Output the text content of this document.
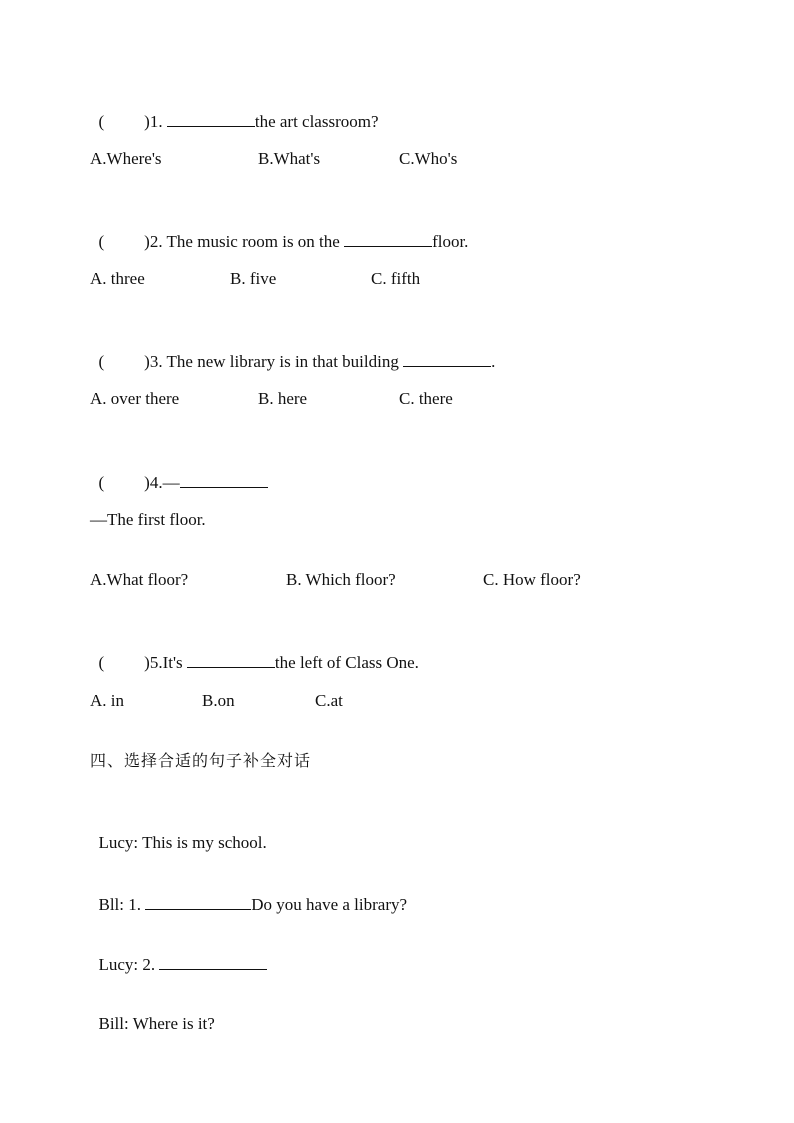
( )1.	the art classroom?

A.Where's	B.What's	C.Who's

( )2. The music room is on the	floor.

A. three	B. five	C. fifth

( )3. The new library is in that building	.

A. over there	B. here	C. there

( )4.—

—The first floor.
A.What floor?	B. Which floor?	C. How floor?

( )5.It's	the left of Class One.

A. in	B.on	C.at
四、选择合适的句子补全对话

Lucy: This is my school.

Bll: 1.	Do you have a library?

Lucy: 2.

Bill: Where is it?
